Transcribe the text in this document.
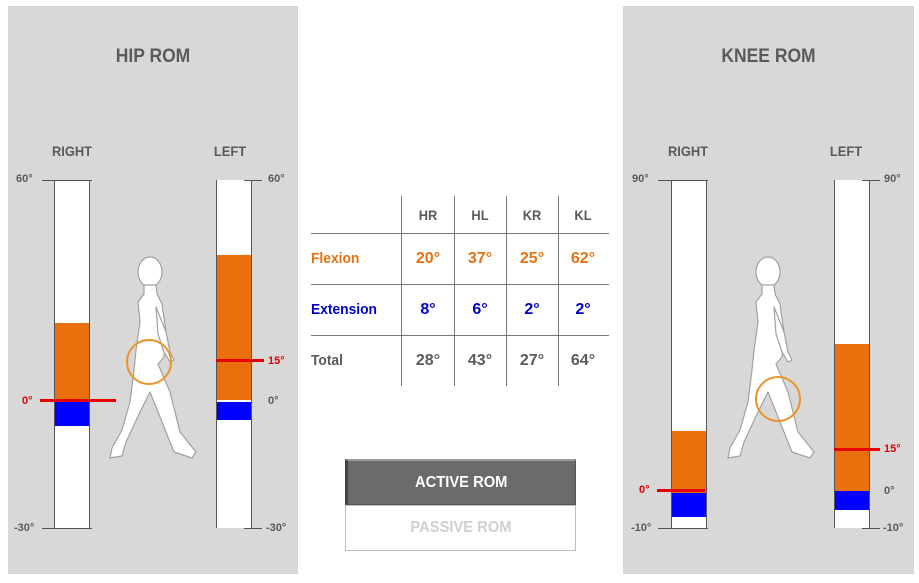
HIP ROM
RIGHT	LEFT
60°
0°
-30°
60°
15°
0°
-30°
KNEE ROM
RIGHT	LEFT
90°
0°
-10°
90°
15°
0°
-10°
HR HL KR KL
Flexion	20° 37° 25° 62°
Extension	8° 6° 2° 2°
Total	28° 43° 27° 64°
ACTIVE ROM
PASSIVE ROM
